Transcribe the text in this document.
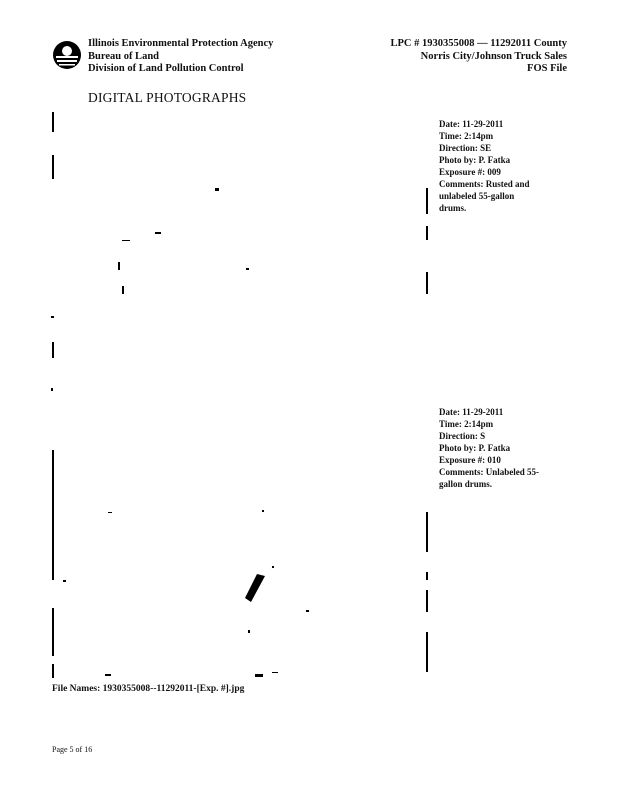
Illinois Environmental Protection Agency
Bureau of Land
Division of Land Pollution Control
LPC # 1930355008 — 11292011 County
Norris City/Johnson Truck Sales
FOS File
DIGITAL PHOTOGRAPHS
Date: 11-29-2011
Time: 2:14pm
Direction: SE
Photo by: P. Fatka
Exposure #: 009
Comments: Rusted and
unlabeled 55-gallon
drums.
Date: 11-29-2011
Time: 2:14pm
Direction: S
Photo by: P. Fatka
Exposure #: 010
Comments: Unlabeled 55-
gallon drums.
File Names: 1930355008--11292011-[Exp. #].jpg
Page 5 of 16
